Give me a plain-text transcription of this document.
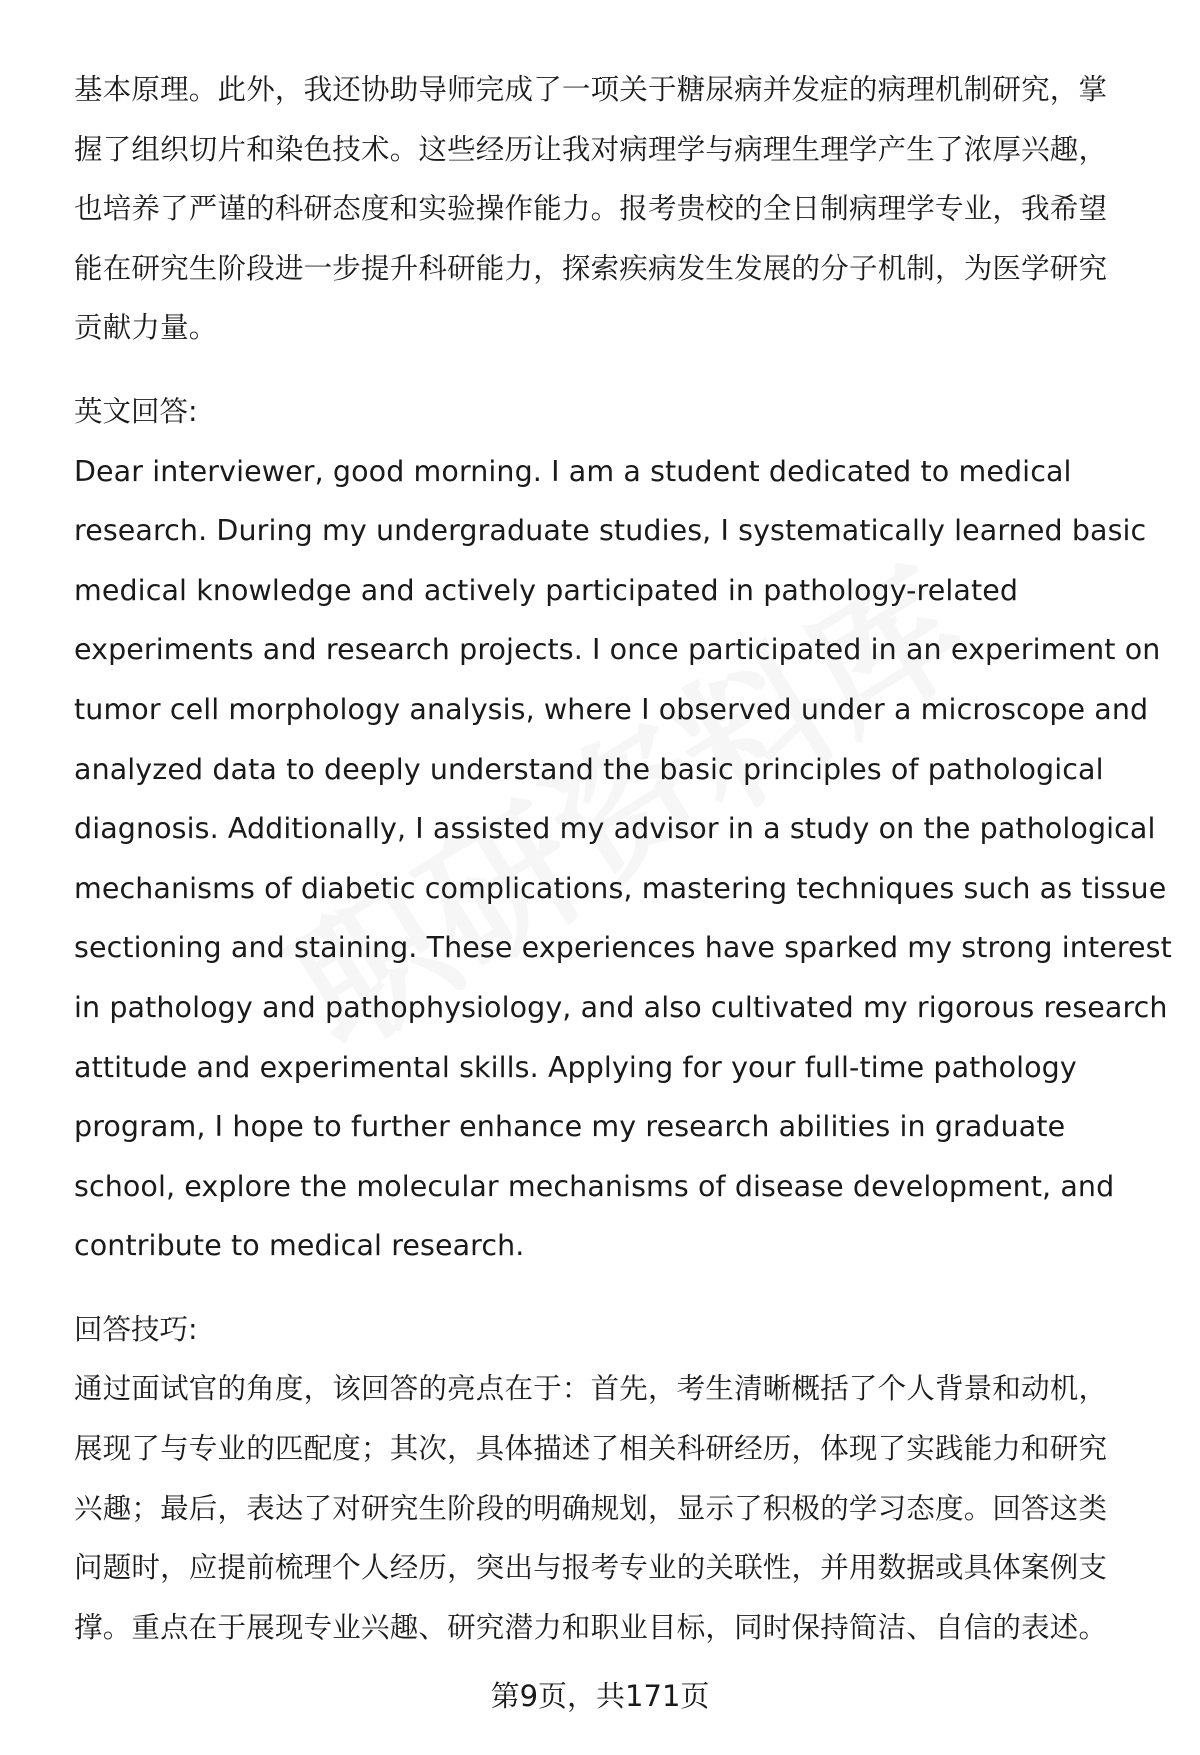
基本原理。此外，我还协助导师完成了一项关于糖尿病并发症的病理机制研究，掌
握了组织切片和染色技术。这些经历让我对病理学与病理生理学产生了浓厚兴趣，
也培养了严谨的科研态度和实验操作能力。报考贵校的全日制病理学专业，我希望
能在研究生阶段进一步提升科研能力，探索疾病发生发展的分子机制，为医学研究
贡献力量。

英文回答:

Dear interviewer, good morning. I am a student dedicated to medical
research. During my undergraduate studies, I systematically learned basic
medical knowledge and actively participated in pathology-related
experiments and research projects. I once participated in an experiment on
tumor cell morphology analysis, where I observed under a microscope and
analyzed data to deeply understand the basic principles of pathological
diagnosis. Additionally, I assisted my advisor in a study on the pathological
mechanisms of diabetic complications, mastering techniques such as tissue
sectioning and staining. These experiences have sparked my strong interest
in pathology and pathophysiology, and also cultivated my rigorous research
attitude and experimental skills. Applying for your full-time pathology
program, I hope to further enhance my research abilities in graduate
school, explore the molecular mechanisms of disease development, and
contribute to medical research.

回答技巧:

通过面试官的角度，该回答的亮点在于：首先，考生清晰概括了个人背景和动机，
展现了与专业的匹配度；其次，具体描述了相关科研经历，体现了实践能力和研究
兴趣；最后，表达了对研究生阶段的明确规划，显示了积极的学习态度。回答这类
问题时，应提前梳理个人经历，突出与报考专业的关联性，并用数据或具体案例支
撑。重点在于展现专业兴趣、研究潜力和职业目标，同时保持简洁、自信的表述。

第9页，共171页
